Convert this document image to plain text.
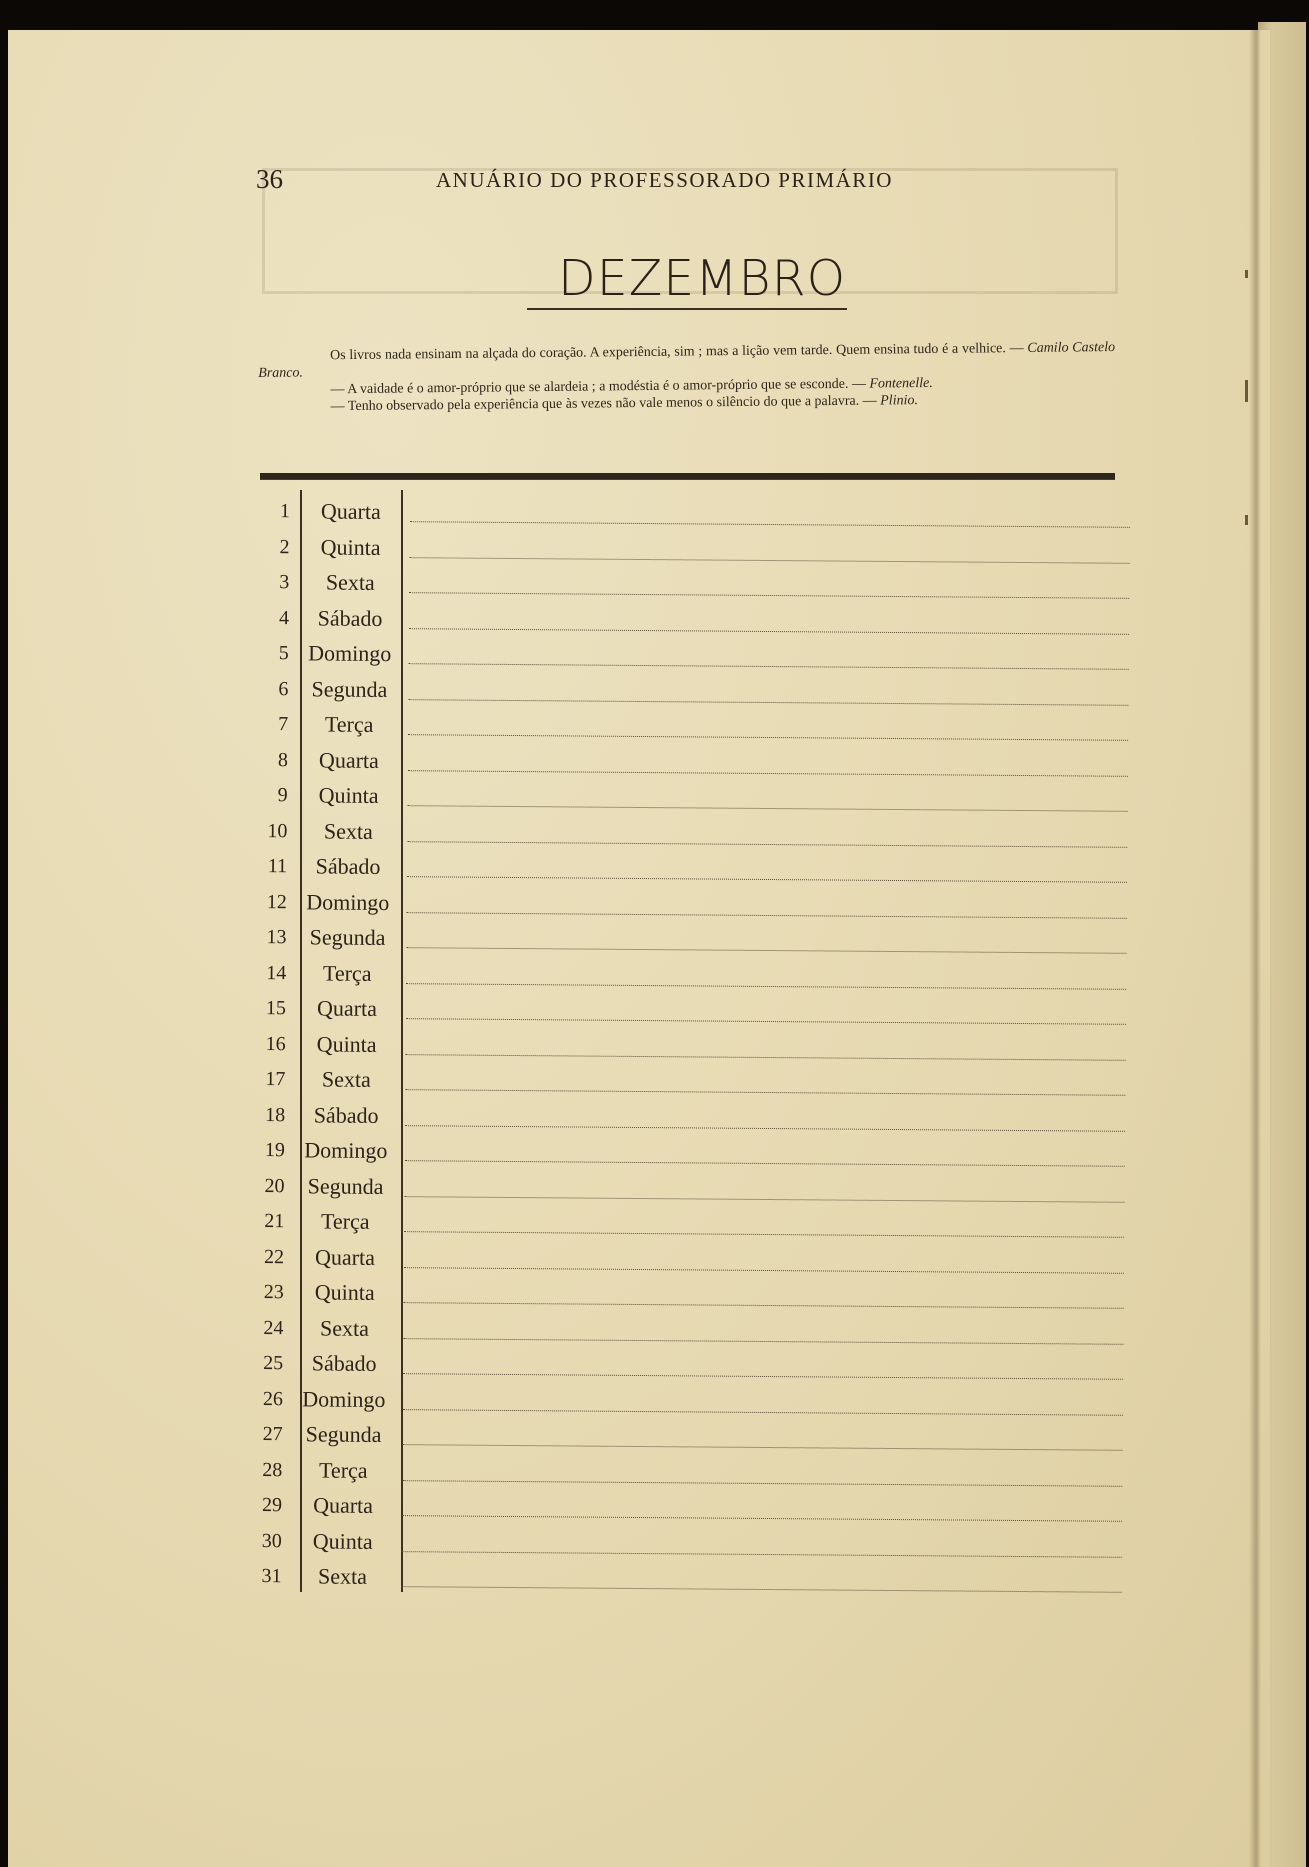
36	ANUÁRIO DO PROFESSORADO PRIMÁRIO
DEZEMBRO

Os livros nada ensinam na alçada do coração. A experiência, sim ; mas a lição vem tarde. Quem ensina tudo é a velhice. — Camilo Castelo Branco.

— A vaidade é o amor-próprio que se alardeia ; a modéstia é o amor-próprio que se esconde. — Fontenelle.

— Tenho observado pela experiência que às vezes não vale menos o silêncio do que a palavra. — Plinio.

1	Quarta
2	Quinta
3	Sexta
4	Sábado
5 Domingo
6 Segunda
7	Terça
8	Quarta
9	Quinta
10	Sexta
11	Sábado
12 Domingo
13 Segunda
14	Terça
15	Quarta
16	Quinta
17	Sexta
18	Sábado
19 Domingo
20 Segunda
21	Terça
22	Quarta
23	Quinta
24	Sexta
25	Sábado
26 Domingo
27 Segunda
28	Terça
29	Quarta
30	Quinta
31	Sexta
